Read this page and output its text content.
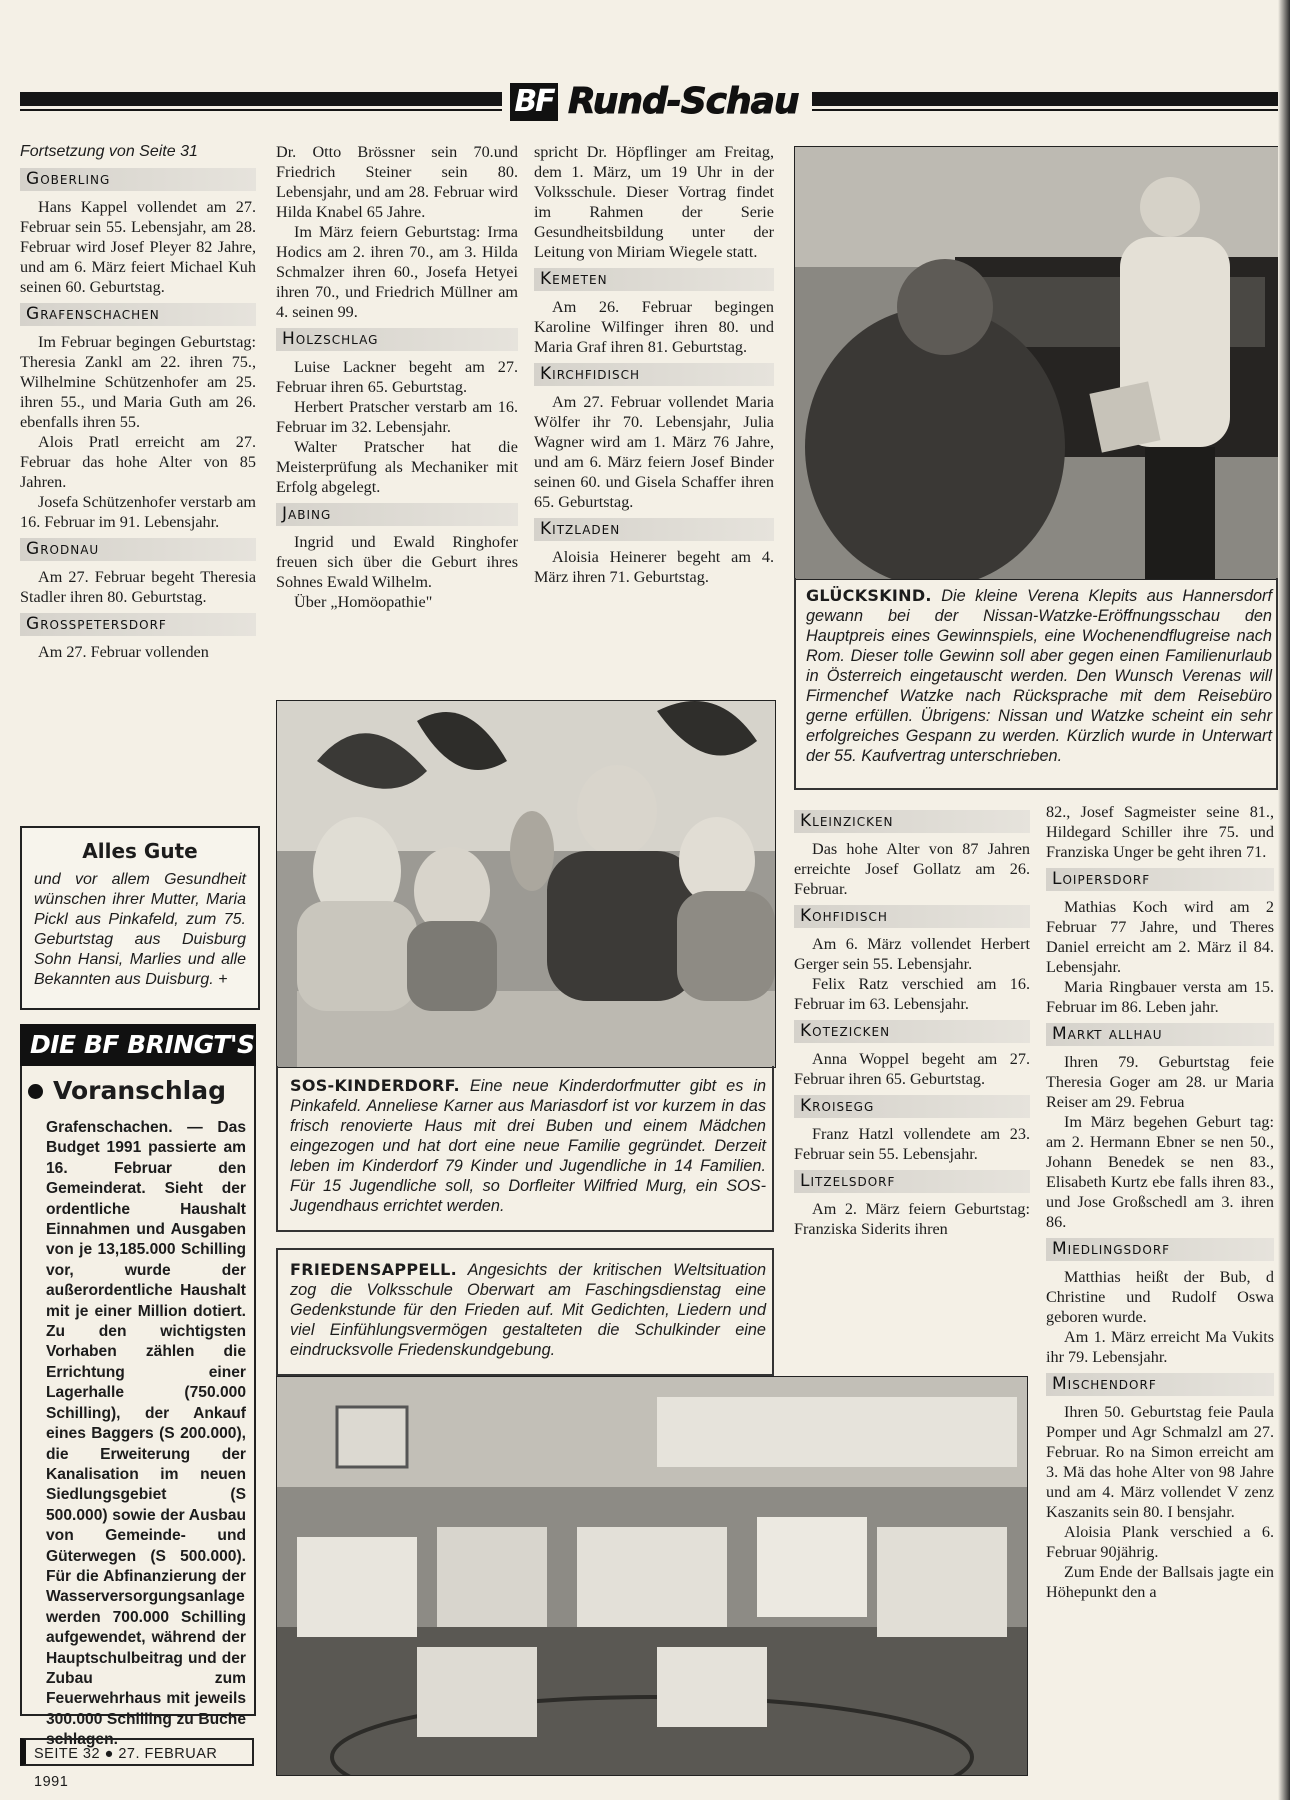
BF Rund-Schau

Fortsetzung von Seite 31

Goberling

Hans Kappel vollendet am 27. Februar sein 55. Lebensjahr, am 28. Februar wird Josef Pleyer 82 Jahre, und am 6. März feiert Michael Kuh seinen 60. Geburtstag.

Grafenschachen

Im Februar begingen Geburtstag: Theresia Zankl am 22. ihren 75., Wilhelmine Schützenhofer am 25. ihren 55., und Maria Guth am 26. ebenfalls ihren 55.

Alois Pratl erreicht am 27. Februar das hohe Alter von 85 Jahren.

Josefa Schützenhofer verstarb am 16. Februar im 91. Lebensjahr.

Grodnau

Am 27. Februar begeht Theresia Stadler ihren 80. Geburtstag.

Grosspetersdorf

Am 27. Februar vollenden

Alles Gute

und vor allem Gesundheit wünschen ihrer Mutter, Maria Pickl aus Pinkafeld, zum 75. Geburtstag aus Duisburg Sohn Hansi, Marlies und alle Bekannten aus Duisburg. +

DIE BF BRINGT'S
Voranschlag

Grafenschachen. — Das Budget 1991 passierte am 16. Februar den Gemeinderat. Sieht der ordentliche Haushalt Einnahmen und Ausgaben von je 13,185.000 Schilling vor, wurde der außerordentliche Haushalt mit je einer Million dotiert. Zu den wichtigsten Vorhaben zählen die Errichtung einer Lagerhalle (750.000 Schilling), der Ankauf eines Baggers (S 200.000), die Erweiterung der Kanalisation im neuen Siedlungsgebiet (S 500.000) sowie der Ausbau von Gemeinde- und Güterwegen (S 500.000). Für die Abfinanzierung der Wasserversorgungsanlage werden 700.000 Schilling aufgewendet, während der Hauptschulbeitrag und der Zubau zum Feuerwehrhaus mit jeweils 300.000 Schilling zu Buche schlagen.

SEITE 32 ● 27. FEBRUAR 1991

Dr. Otto Brössner sein 70.und Friedrich Steiner sein 80. Lebensjahr, und am 28. Februar wird Hilda Knabel 65 Jahre.

Im März feiern Geburtstag: Irma Hodics am 2. ihren 70., am 3. Hilda Schmalzer ihren 60., Josefa Hetyei ihren 70., und Friedrich Müllner am 4. seinen 99.

Holzschlag

Luise Lackner begeht am 27. Februar ihren 65. Geburtstag.

Herbert Pratscher verstarb am 16. Februar im 32. Lebensjahr.

Walter Pratscher hat die Meisterprüfung als Mechaniker mit Erfolg abgelegt.

Jabing

Ingrid und Ewald Ringhofer freuen sich über die Geburt ihres Sohnes Ewald Wilhelm.

Über „Homöopathie"

spricht Dr. Höpflinger am Freitag, dem 1. März, um 19 Uhr in der Volksschule. Dieser Vortrag findet im Rahmen der Serie Gesundheitsbildung unter der Leitung von Miriam Wiegele statt.

Kemeten

Am 26. Februar begingen Karoline Wilfinger ihren 80. und Maria Graf ihren 81. Geburtstag.

Kirchfidisch

Am 27. Februar vollendet Maria Wölfer ihr 70. Lebensjahr, Julia Wagner wird am 1. März 76 Jahre, und am 6. März feiern Josef Binder seinen 60. und Gisela Schaffer ihren 65. Geburtstag.

Kitzladen

Aloisia Heinerer begeht am 4. März ihren 71. Geburtstag.

GLÜCKSKIND. Die kleine Verena Klepits aus Hannersdorf gewann bei der Nissan-Watzke-Eröffnungsschau den Hauptpreis eines Gewinnspiels, eine Wochenendflugreise nach Rom. Dieser tolle Gewinn soll aber gegen einen Familienurlaub in Österreich eingetauscht werden. Den Wunsch Verenas will Firmenchef Watzke nach Rücksprache mit dem Reisebüro gerne erfüllen. Übrigens: Nissan und Watzke scheint ein sehr erfolgreiches Gespann zu werden. Kürzlich wurde in Unterwart der 55. Kaufvertrag unterschrieben.
SOS-KINDERDORF. Eine neue Kinderdorfmutter gibt es in Pinkafeld. Anneliese Karner aus Mariasdorf ist vor kurzem in das frisch renovierte Haus mit drei Buben und einem Mädchen eingezogen und hat dort eine neue Familie gegründet. Derzeit leben im Kinderdorf 79 Kinder und Jugendliche in 14 Familien. Für 15 Jugendliche soll, so Dorfleiter Wilfried Murg, ein SOS-Jugendhaus errichtet werden.
FRIEDENSAPPELL. Angesichts der kritischen Weltsituation zog die Volksschule Oberwart am Faschingsdienstag eine Gedenkstunde für den Frieden auf. Mit Gedichten, Liedern und viel Einfühlungsvermögen gestalteten die Schulkinder eine eindrucksvolle Friedenskundgebung.
Kleinzicken

Das hohe Alter von 87 Jahren erreichte Josef Gollatz am 26. Februar.

Kohfidisch

Am 6. März vollendet Herbert Gerger sein 55. Lebensjahr.

Felix Ratz verschied am 16. Februar im 63. Lebensjahr.

Kotezicken

Anna Woppel begeht am 27. Februar ihren 65. Geburtstag.

Kroisegg

Franz Hatzl vollendete am 23. Februar sein 55. Lebensjahr.

Litzelsdorf

Am 2. März feiern Geburtstag: Franziska Siderits ihren

82., Josef Sagmeister seine 81., Hildegard Schiller ihre 75. und Franziska Unger be geht ihren 71.

Loipersdorf

Mathias Koch wird am 2 Februar 77 Jahre, und Theres Daniel erreicht am 2. März il 84. Lebensjahr.

Maria Ringbauer versta am 15. Februar im 86. Leben jahr.

Markt allhau

Ihren 79. Geburtstag feie Theresia Goger am 28. ur Maria Reiser am 29. Februa

Im März begehen Geburt tag: am 2. Hermann Ebner se nen 50., Johann Benedek se nen 83., Elisabeth Kurtz ebe falls ihren 83., und Jose Großschedl am 3. ihren 86.

Miedlingsdorf

Matthias heißt der Bub, d Christine und Rudolf Oswa geboren wurde.

Am 1. März erreicht Ma Vukits ihr 79. Lebensjahr.

Mischendorf

Ihren 50. Geburtstag feie Paula Pomper und Agr Schmalzl am 27. Februar. Ro na Simon erreicht am 3. Mä das hohe Alter von 98 Jahre und am 4. März vollendet V zenz Kaszanits sein 80. I bensjahr.

Aloisia Plank verschied a 6. Februar 90jährig.

Zum Ende der Ballsais jagte ein Höhepunkt den a
